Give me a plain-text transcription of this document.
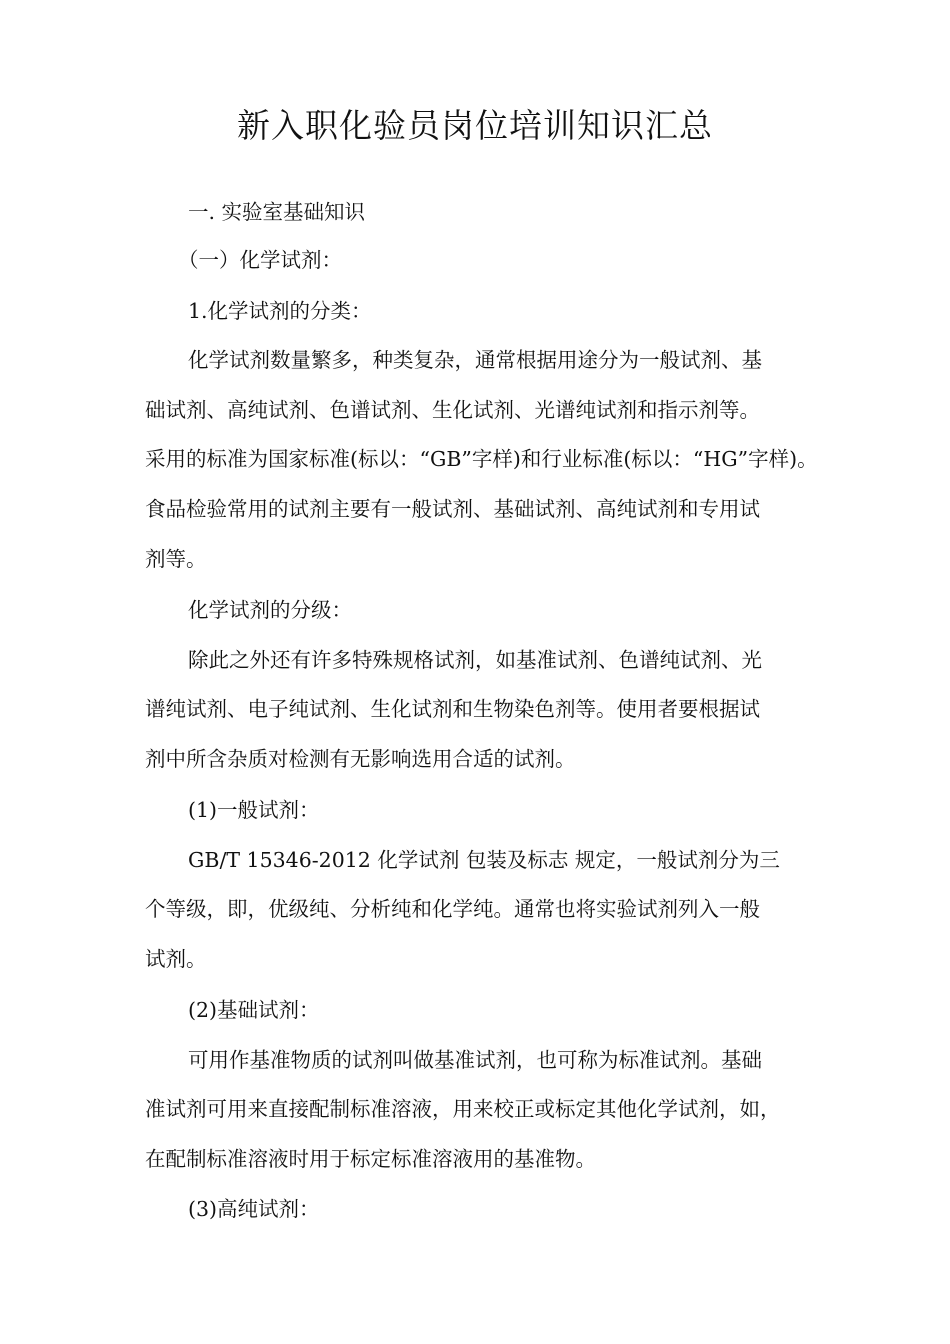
新入职化验员岗位培训知识汇总
一. 实验室基础知识
（一）化学试剂：
1.化学试剂的分类：
化学试剂数量繁多，种类复杂，通常根据用途分为一般试剂、基
础试剂、高纯试剂、色谱试剂、生化试剂、光谱纯试剂和指示剂等。
采用的标准为国家标准(标以：“GB”字样)和行业标准(标以：“HG”字样)。
食品检验常用的试剂主要有一般试剂、基础试剂、高纯试剂和专用试
剂等。
化学试剂的分级：
除此之外还有许多特殊规格试剂，如基准试剂、色谱纯试剂、光
谱纯试剂、电子纯试剂、生化试剂和生物染色剂等。使用者要根据试
剂中所含杂质对检测有无影响选用合适的试剂。
(1)一般试剂：
GB/T 15346-2012 化学试剂 包装及标志 规定，一般试剂分为三
个等级，即，优级纯、分析纯和化学纯。通常也将实验试剂列入一般
试剂。
(2)基础试剂：
可用作基准物质的试剂叫做基准试剂，也可称为标准试剂。基础
准试剂可用来直接配制标准溶液，用来校正或标定其他化学试剂，如，
在配制标准溶液时用于标定标准溶液用的基准物。
(3)高纯试剂：
